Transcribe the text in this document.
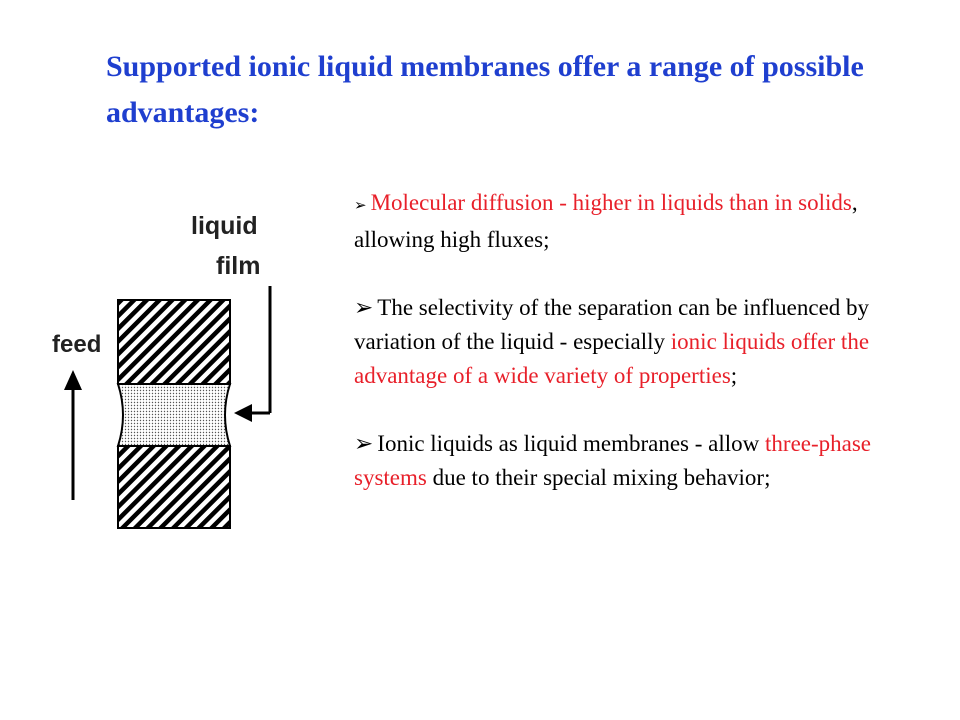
Supported ionic liquid membranes offer a range of possible advantages:
liquid
film
feed

➢ Molecular diffusion - higher in liquids than in solids, allowing high fluxes;

➢ The selectivity of the separation can be influenced by variation of the liquid - especially ionic liquids offer the advantage of a wide variety of properties;

➢ Ionic liquids as liquid membranes - allow three-phase systems due to their special mixing behavior;
